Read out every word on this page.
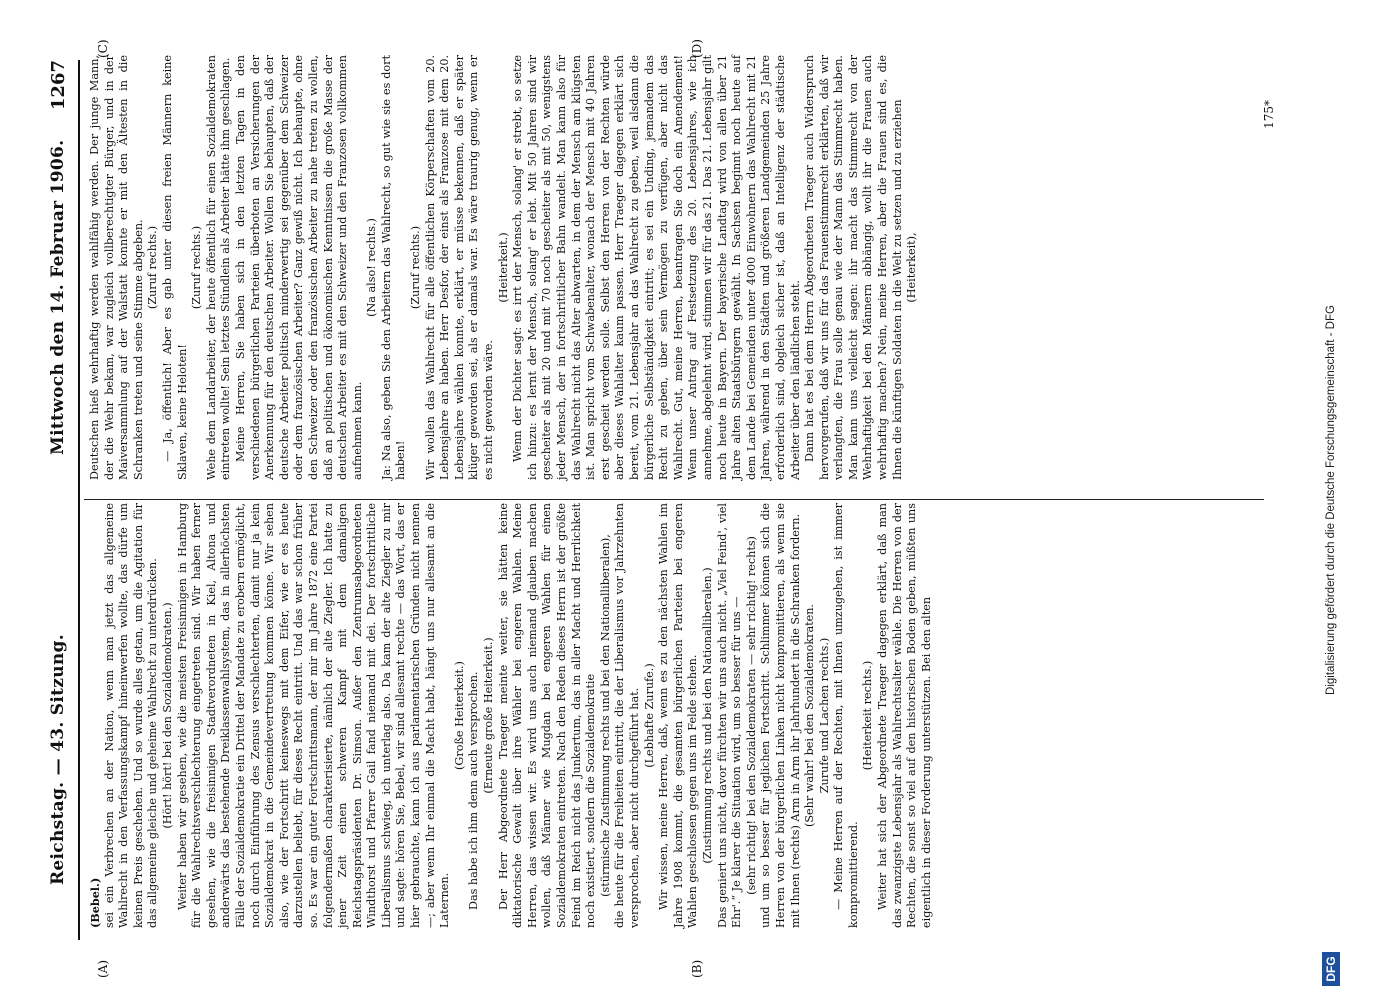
Reichstag. — 43. Sitzung.
Mittwoch den 14. Februar 1906.
1267
(A)	(B)
(C)	(D)
(Bebel.) sei ein Verbrechen an der Nation, wenn man jetzt das allgemeine Wahlrecht in den Verfassungskampf hineinwerfen wollte, das dürfe um keinen Preis geschehen. Und so wurde alles getan, um die Agitation für das allgemeine gleiche und geheime Wahlrecht zu unterdrücken. (Hört! hört! bei den Sozialdemokraten.) Weiter haben wir gesehen, wie die meisten Freisinnigen in Hamburg für die Wahlrechtsverschlechterung eingetreten sind. Wir haben ferner gesehen, wie die freisinnigen Stadtverordneten in Kiel, Altona und anderwärts das bestehende Dreiklassenwahlsystem, das in allerhöchsten Fälle der Sozialdemokratie ein Drittel der Mandate zu erobern ermöglicht, noch durch Einführung des Zensus verschlechterten, damit nur ja kein Sozialdemokrat in die Gemeindevertretung kommen könne. Wir sehen also, wie der Fortschritt keineswegs mit dem Eifer, wie er es heute darzustellen beliebt, für dieses Recht eintritt. Und das war schon früher so. Es war ein guter Fortschrittsmann, der mir im Jahre 1872 eine Partei folgendermaßen charakterisierte, nämlich der alte Ziegler. Ich hatte zu jener Zeit einen schweren Kampf mit dem damaligen Reichstagspräsidenten Dr. Simson. Außer den Zentrumsabgeordneten Windthorst und Pfarrer Gail fand niemand mit dei. Der fortschrittliche Liberalismus schwieg, ich unterlag also. Da kam der alte Ziegler zu mir und sagte: hören Sie, Bebel, wir sind allesamt rechte — das Wort, das er hier gebrauchte, kann ich aus parlamentarischen Gründen nicht nennen —; aber wenn Ihr einmal die Macht habt, hängt uns nur allesamt an die Laternen.

(Große Heiterkeit.) Das habe ich ihm denn auch versprochen. (Erneute große Heiterkeit.) Der Herr Abgeordnete Traeger meinte weiter, sie hätten keine diktatorische Gewalt über ihre Wähler bei engeren Wahlen. Meine Herren, das wissen wir. Es wird uns auch niemand glauben machen wollen, daß Männer wie Mugdan bei engeren Wahlen für einen Sozialdemokraten eintreten. Nach den Reden dieses Herrn ist der größte Feind im Reich nicht das Junkertum, das in aller Macht und Herrlichkeit noch existiert, sondern die Sozialdemokratie (stürmische Zustimmung rechts und bei den Nationalliberalen), die heute für die Freiheiten eintritt, die der Liberalismus vor Jahrzehnten versprochen, aber nicht durchgeführt hat. (Lebhafte Zurufe.) Wir wissen, meine Herren, daß, wenn es zu den nächsten Wahlen im Jahre 1908 kommt, die gesamten bürgerlichen Parteien bei engeren Wahlen geschlossen gegen uns im Felde stehen. (Zustimmung rechts und bei den Nationalliberalen.) Das geniert uns nicht, davor fürchten wir uns auch nicht. „Viel Feind', viel Ehr'.“ Je klarer die Situation wird, um so besser für uns — (sehr richtig! bei den Sozialdemokraten — sehr richtig! rechts) und um so besser für jeglichen Fortschritt. Schlimmer können sich die Herren von der bürgerlichen Linken nicht kompromittieren, als wenn sie mit Ihnen (rechts) Arm in Arm ihr Jahrhundert in die Schranken fordern. (Sehr wahr! bei den Sozialdemokraten. Zurufe und Lachen rechts.) — Meine Herren auf der Rechten, mit Ihnen umzugehen, ist immer kompromittierend.

(Heiterkeit rechts.) Weiter hat sich der Abgeordnete Traeger dagegen erklärt, daß man das zwanzigste Lebensjahr als Wahlrechtsalter wähle. Die Herren von der Rechten, die sonst so viel auf den historischen Boden geben, müßten uns eigentlich in dieser Forderung unterstützen. Bei den alten

Deutschen hieß wehrhaftig werden wahlfähig werden. Der junge Mann, der die Wehr bekam, war zugleich vollberechtigter Bürger, und in der Maiversammlung auf der Walstatt konnte er mit den Ältesten in die Schranken treten und seine Stimme abgeben. (Zuruf rechts.) — Ja, öffentlich! Aber es gab unter diesen freien Männern keine Sklaven, keine Heloten!

(Zuruf rechts.) Wehe dem Landarbeiter, der heute öffentlich für einen Sozialdemokraten eintreten wollte! Sein letztes Stündlein als Arbeiter hätte ihm geschlagen. Meine Herren, Sie haben sich in den letzten Tagen in den verschiedenen bürgerlichen Parteien überboten an Versicherungen der Anerkennung für den deutschen Arbeiter. Wollen Sie behaupten, daß der deutsche Arbeiter politisch minderwertig sei gegenüber dem Schweizer oder dem französischen Arbeiter? Ganz gewiß nicht. Ich behaupte, ohne den Schweizer oder den französischen Arbeiter zu nahe treten zu wollen, daß an politischen und ökonomischen Kenntnissen die große Masse der deutschen Arbeiter es mit den Schweizer und den Franzosen vollkommen aufnehmen kann.

(Na also! rechts.) Ja: Na also, geben Sie den Arbeitern das Wahlrecht, so gut wie sie es dort haben!

(Zuruf rechts.) Wir wollen das Wahlrecht für alle öffentlichen Körperschaften vom 20. Lebensjahre an haben. Herr Desfor, der einst als Franzose mit dem 20. Lebensjahre wählen konnte, erklärt, er müsse bekennen, daß er später klüger geworden sei, als er damals war. Es wäre traurig genug, wenn er es nicht geworden wäre.

(Heiterkeit.) Wenn der Dichter sagt: es irrt der Mensch, solang' er strebt, so setze ich hinzu: es lernt der Mensch, solang' er lebt. Mit 50 Jahren sind wir gescheiter als mit 20 und mit 70 noch gescheiter als mit 50, wenigstens jeder Mensch, der in fortschrittlicher Bahn wandelt. Man kann also für das Wahlrecht nicht das Alter abwarten, in dem der Mensch am klügsten ist. Man spricht vom Schwabenalter, wonach der Mensch mit 40 Jahren erst gescheit werden solle. Selbst den Herren von der Rechten würde aber dieses Wahlalter kaum passen. Herr Traeger dagegen erklärt sich bereit, vom 21. Lebensjahr an das Wahlrecht zu geben, weil alsdann die bürgerliche Selbständigkeit eintritt; es sei ein Unding, jemandem das Recht zu geben, über sein Vermögen zu verfügen, aber nicht das Wahlrecht. Gut, meine Herren, beantragen Sie doch ein Amendement! Wenn unser Antrag auf Festsetzung des 20. Lebensjahres, wie ich annehme, abgelehnt wird, stimmen wir für das 21. Das 21. Lebensjahr gilt noch heute in Bayern. Der bayerische Landtag wird von allen über 21 Jahre alten Staatsbürgern gewählt. In Sachsen beginnt noch heute auf dem Lande bei Gemeinden unter 4000 Einwohnern das Wahlrecht mit 21 Jahren, während in den Städten und größeren Landgemeinden 25 Jahre erforderlich sind, obgleich sicher ist, daß an Intelligenz der städtische Arbeiter über den ländlichen steht. Dann hat es bei dem Herrn Abgeordneten Traeger auch Widerspruch hervorgerufen, daß wir uns für das Frauenstimmrecht erklärten, daß wir verlangten, die Frau solle genau wie der Mann das Stimmrecht haben. Man kann uns vielleicht sagen: ihr macht das Stimmrecht von der Wehrhaftigkeit bei den Männern abhängig, wollt ihr die Frauen auch wehrhaftig machen? Nein, meine Herren, aber die Frauen sind es, die Ihnen die künftigen Soldaten in die Welt zu setzen und zu erziehen (Heiterkeit),

175*
DFG
Digitalisierung gefördert durch die Deutsche Forschungsgemeinschaft - DFG
